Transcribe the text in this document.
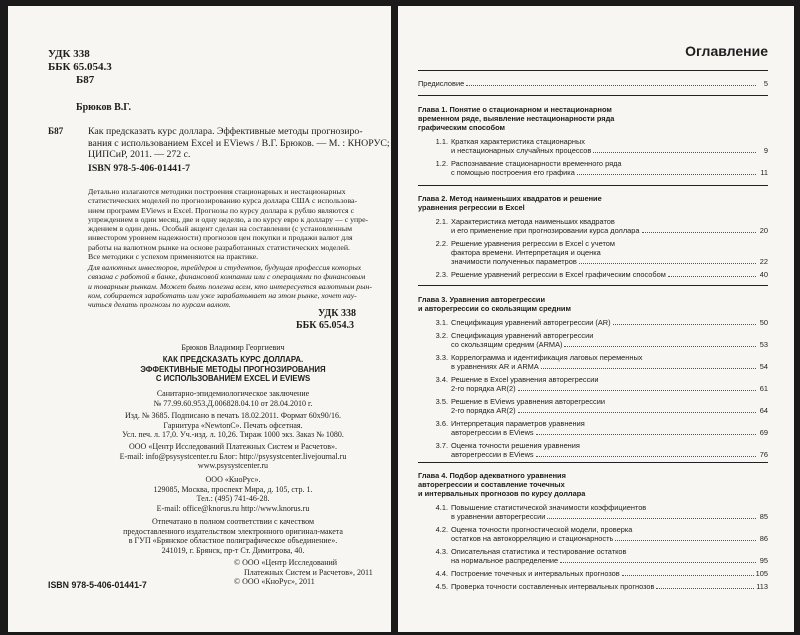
УДК 338
ББК 65.054.3
Б87
Брюков В.Г.
Б87	Как предсказать курс доллара. Эффективные методы прогнозиро-
вания с использованием Excel и EViews / В.Г. Брюков. — М. : КНОРУС;
ЦИПСиР, 2011. — 272 с.
ISBN 978-5-406-01441-7

Детально излагаются методики построения стационарных и нестационарных

статистических моделей по прогнозированию курса доллара США с использова-

нием программ EViews и Excel. Прогнозы по курсу доллара к рублю являются с

упреждением в один месяц, две и одну неделю, а по курсу евро к доллару — с упре-

ждением в один день. Особый акцент сделан на составлении (с установленным

инвестором уровнем надежности) прогнозов цен покупки и продажи валют для

работы на валютном рынке на основе разработанных статистических моделей.

Все методики с успехом применяются на практике.

Для валютных инвесторов, трейдеров и студентов, будущая профессия которых

связана с работой в банке, финансовой компании или с операциями по финансовым

и товарным рынкам. Может быть полезна всем, кто интересуется валютным рын-

ком, собирается заработать или уже зарабатывает на этом рынке, хочет нау-

читься делать прогнозы по курсам валют.

УДК 338
ББК 65.054.3
Брюков Владимир Георгиевич
КАК ПРЕДСКАЗАТЬ КУРС ДОЛЛАРА.
ЭФФЕКТИВНЫЕ МЕТОДЫ ПРОГНОЗИРОВАНИЯ
С ИСПОЛЬЗОВАНИЕМ EXCEL И EVIEWS
Санитарно-эпидемиологическое заключение
№ 77.99.60.953.Д.006828.04.10 от 28.04.2010 г.
Изд. № 3685. Подписано в печать 18.02.2011. Формат 60х90/16.
Гарнитура «NewtonC». Печать офсетная.
Усл. печ. л. 17,0. Уч.-изд. л. 10,26. Тираж 1000 экз. Заказ № 1080.
ООО «Центр Исследований Платежных Систем и Расчетов».
E-mail: info@psysystcenter.ru Блог: http://psysystcenter.livejournal.ru
www.psysystcenter.ru
ООО «КноРус».
129085, Москва, проспект Мира, д. 105, стр. 1.
Тел.: (495) 741-46-28.
E-mail: office@knorus.ru http://www.knorus.ru
Отпечатано в полном соответствии с качеством
предоставленного издательством электронного оригинал-макета
в ГУП «Брянское областное полиграфическое объединение».
241019, г. Брянск, пр-т Ст. Димитрова, 40.
ISBN 978-5-406-01441-7
© ООО «Центр Исследований
Платежных Систем и Расчетов», 2011
© ООО «КноРус», 2011
Оглавление
Предисловие	5
Глава 1. Понятие о стационарном и нестационарном
временном ряде, выявление нестационарности ряда
графическим способом
1.1. Краткая характеристика стационарных
и нестационарных случайных процессов	9
1.2. Распознавание стационарности временного ряда
с помощью построения его графика	11
Глава 2. Метод наименьших квадратов и решение
уравнения регрессии в Excel
2.1. Характеристика метода наименьших квадратов
и его применение при прогнозировании курса доллара	20
2.2. Решение уравнения регрессии в Excel с учетом
фактора времени. Интерпретация и оценка
значимости полученных параметров	22
2.3. Решение уравнений регрессии в Excel графическим способом	40
Глава 3. Уравнения авторегрессии
и авторегрессии со скользящим средним
3.1. Спецификация уравнений авторегрессии (AR)	50
3.2. Спецификация уравнений авторегрессии
со скользящим средним (ARMA)	53
3.3. Коррелограмма и идентификация лаговых переменных
в уравнениях AR и ARMA	54
3.4. Решение в Excel уравнения авторегрессии
2-го порядка AR(2)	61
3.5. Решение в EViews уравнения авторегрессии
2-го порядка AR(2)	64
3.6. Интерпретация параметров уравнения
авторегрессии в EViews	69
3.7. Оценка точности решения уравнения
авторегрессии в EViews	76
Глава 4. Подбор адекватного уравнения
авторегрессии и составление точечных
и интервальных прогнозов по курсу доллара
4.1. Повышение статистической значимости коэффициентов
в уравнении авторегрессии	85
4.2. Оценка точности прогностической модели, проверка
остатков на автокорреляцию и стационарность	86
4.3. Описательная статистика и тестирование остатков
на нормальное распределение	95
4.4. Построение точечных и интервальных прогнозов	105
4.5. Проверка точности составленных интервальных прогнозов	113
